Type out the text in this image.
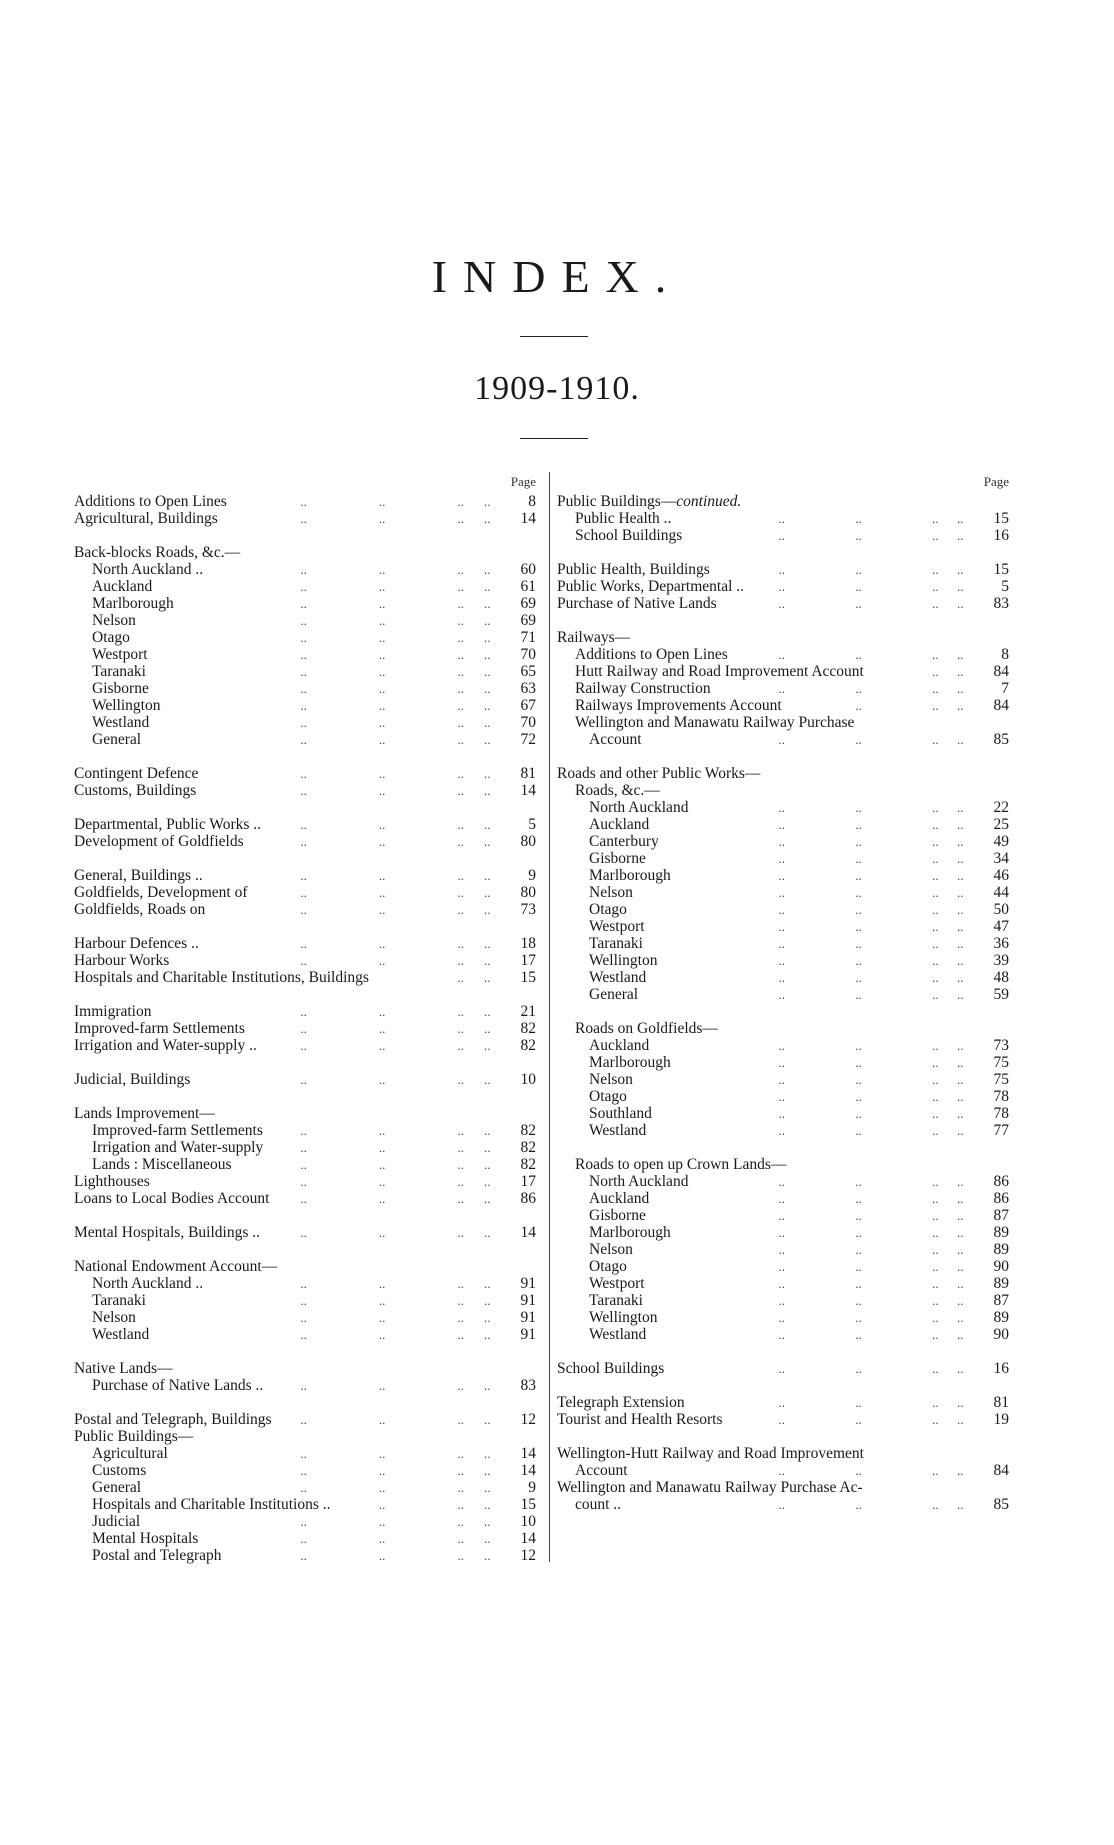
INDEX.
1909-1910.
Page
Additions to Open Lines	8
..	..	.. ..
Agricultural, Buildings	14
..	..	.. ..
Back-blocks Roads, &c.—
North Auckland ..	60
..	..	.. ..
Auckland	61
..	..	.. ..
Marlborough	69
..	..	.. ..
Nelson	69
..	..	.. ..
Otago	71
..	..	.. ..
Westport	70
..	..	.. ..
Taranaki	65
..	..	.. ..
Gisborne	63
..	..	.. ..
Wellington	67
..	..	.. ..
Westland	70
..	..	.. ..
General	72
..	..	.. ..
Contingent Defence	81
..	..	.. ..
Customs, Buildings	14
..	..	.. ..
Departmental, Public Works ..	5
..	..	.. ..
Development of Goldfields	80
..	..	.. ..
General, Buildings ..	9
..	..	.. ..
Goldfields, Development of	80
..	..	.. ..
Goldfields, Roads on	73
..	..	.. ..
Harbour Defences ..	18
..	..	.. ..
Harbour Works	17
..	..	.. ..
Hospitals and Charitable Institutions, Buildings	15
.. ..
Immigration	21
..	..	.. ..
Improved-farm Settlements	82
..	..	.. ..
Irrigation and Water-supply ..	82
..	..	.. ..
Judicial, Buildings	10
..	..	.. ..
Lands Improvement—
Improved-farm Settlements	82
..	..	.. ..
Irrigation and Water-supply	82
..	..	.. ..
Lands : Miscellaneous	82
..	..	.. ..
Lighthouses	17
..	..	.. ..
Loans to Local Bodies Account	86
..	..	.. ..
Mental Hospitals, Buildings ..	14
..	..	.. ..
National Endowment Account—
North Auckland ..	91
..	..	.. ..
Taranaki	91
..	..	.. ..
Nelson	91
..	..	.. ..
Westland	91
..	..	.. ..
Native Lands—
Purchase of Native Lands ..	83
..	..	.. ..
Postal and Telegraph, Buildings	12
..	..	.. ..
Public Buildings—
Agricultural	14
..	..	.. ..
Customs	14
..	..	.. ..
General	9
..	..	.. ..
Hospitals and Charitable Institutions ..	15
..	.. ..
Judicial	10
..	..	.. ..
Mental Hospitals	14
..	..	.. ..
Postal and Telegraph	12
..	..	.. ..
Page
Public Buildings—continued.
Public Health ..	15
..	..	.. ..
School Buildings	16
..	..	.. ..
Public Health, Buildings	15
..	..	.. ..
Public Works, Departmental ..	5
..	..	.. ..
Purchase of Native Lands	83
..	..	.. ..
Railways—
Additions to Open Lines	8
..	..	.. ..
Hutt Railway and Road Improvement Account	84
.. ..
Railway Construction	7
..	..	.. ..
Railways Improvements Account	84
..	.. ..
Wellington and Manawatu Railway Purchase
Account	85
..	..	.. ..
Roads and other Public Works—
Roads, &c.—
North Auckland	22
..	..	.. ..
Auckland	25
..	..	.. ..
Canterbury	49
..	..	.. ..
Gisborne	34
..	..	.. ..
Marlborough	46
..	..	.. ..
Nelson	44
..	..	.. ..
Otago	50
..	..	.. ..
Westport	47
..	..	.. ..
Taranaki	36
..	..	.. ..
Wellington	39
..	..	.. ..
Westland	48
..	..	.. ..
General	59
..	..	.. ..
Roads on Goldfields—
Auckland	73
..	..	.. ..
Marlborough	75
..	..	.. ..
Nelson	75
..	..	.. ..
Otago	78
..	..	.. ..
Southland	78
..	..	.. ..
Westland	77
..	..	.. ..
Roads to open up Crown Lands—
North Auckland	86
..	..	.. ..
Auckland	86
..	..	.. ..
Gisborne	87
..	..	.. ..
Marlborough	89
..	..	.. ..
Nelson	89
..	..	.. ..
Otago	90
..	..	.. ..
Westport	89
..	..	.. ..
Taranaki	87
..	..	.. ..
Wellington	89
..	..	.. ..
Westland	90
..	..	.. ..
School Buildings	16
..	..	.. ..
Telegraph Extension	81
..	..	.. ..
Tourist and Health Resorts	19
..	..	.. ..
Wellington-Hutt Railway and Road Improvement
Account	84
..	..	.. ..
Wellington and Manawatu Railway Purchase Ac-
count ..	85
..	..	.. ..
